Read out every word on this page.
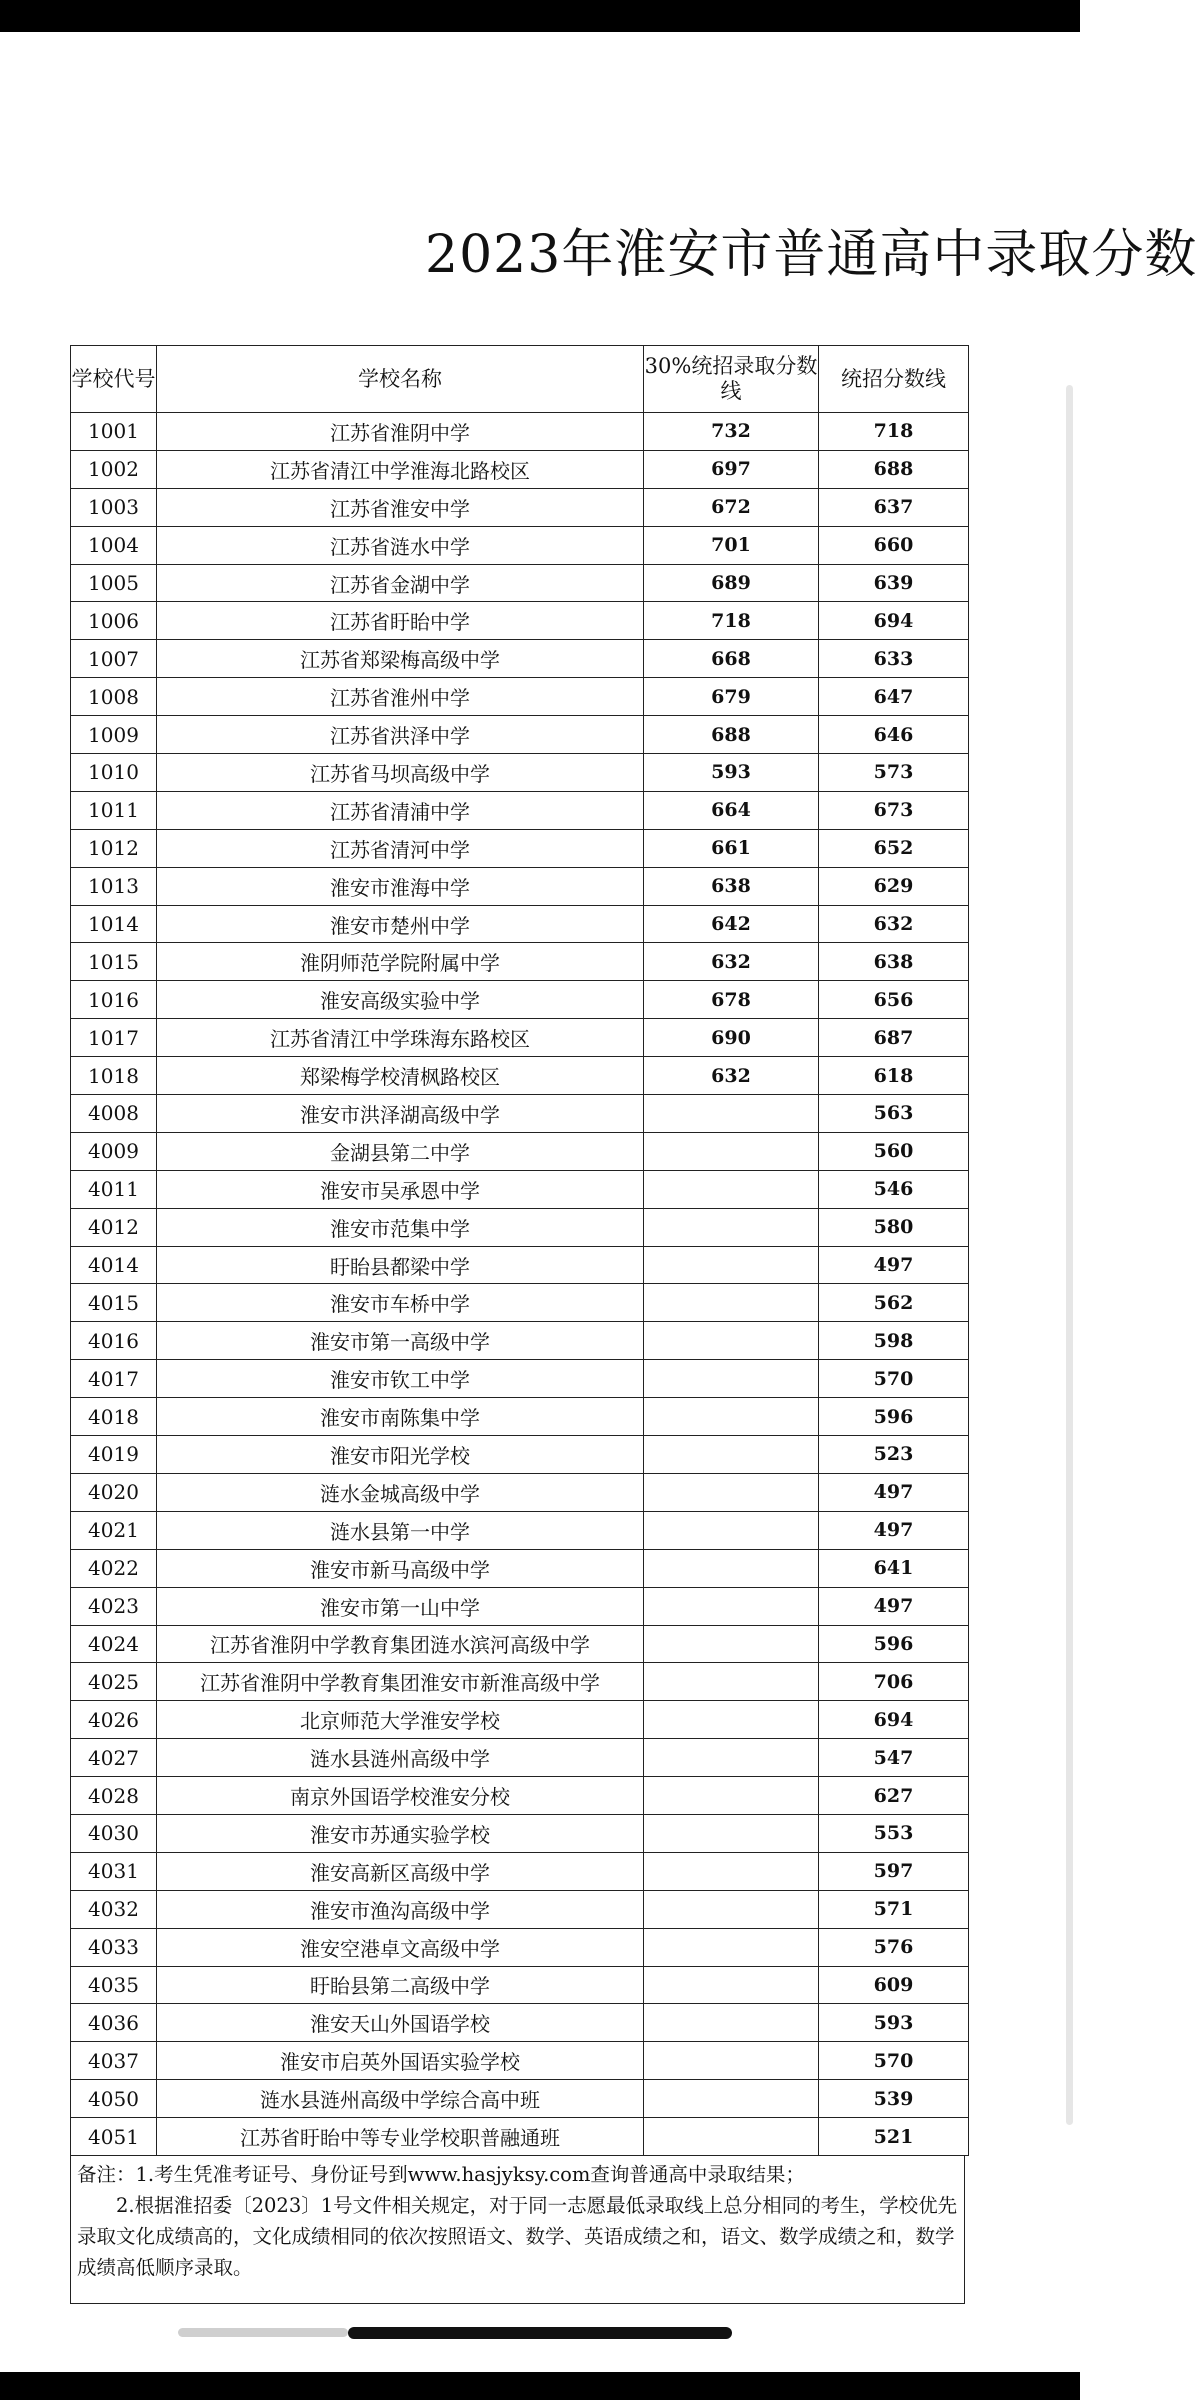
2023年淮安市普通高中录取分数
学校代号	学校名称	30%统招录取分数线	统招分数线
1001	江苏省淮阴中学	732	718
1002	江苏省清江中学淮海北路校区	697	688
1003	江苏省淮安中学	672	637
1004	江苏省涟水中学	701	660
1005	江苏省金湖中学	689	639
1006	江苏省盱眙中学	718	694
1007	江苏省郑梁梅高级中学	668	633
1008	江苏省淮州中学	679	647
1009	江苏省洪泽中学	688	646
1010	江苏省马坝高级中学	593	573
1011	江苏省清浦中学	664	673
1012	江苏省清河中学	661	652
1013	淮安市淮海中学	638	629
1014	淮安市楚州中学	642	632
1015	淮阴师范学院附属中学	632	638
1016	淮安高级实验中学	678	656
1017	江苏省清江中学珠海东路校区	690	687
1018	郑梁梅学校清枫路校区	632	618
4008	淮安市洪泽湖高级中学		563
4009	金湖县第二中学		560
4011	淮安市吴承恩中学		546
4012	淮安市范集中学		580
4014	盱眙县都梁中学		497
4015	淮安市车桥中学		562
4016	淮安市第一高级中学		598
4017	淮安市钦工中学		570
4018	淮安市南陈集中学		596
4019	淮安市阳光学校		523
4020	涟水金城高级中学		497
4021	涟水县第一中学		497
4022	淮安市新马高级中学		641
4023	淮安市第一山中学		497
4024	江苏省淮阴中学教育集团涟水滨河高级中学		596
4025	江苏省淮阴中学教育集团淮安市新淮高级中学		706
4026	北京师范大学淮安学校		694
4027	涟水县涟州高级中学		547
4028	南京外国语学校淮安分校		627
4030	淮安市苏通实验学校		553
4031	淮安高新区高级中学		597
4032	淮安市渔沟高级中学		571
4033	淮安空港卓文高级中学		576
4035	盱眙县第二高级中学		609
4036	淮安天山外国语学校		593
4037	淮安市启英外国语实验学校		570
4050	涟水县涟州高级中学综合高中班		539
4051	江苏省盱眙中等专业学校职普融通班		521

备注：1.考生凭准考证号、身份证号到www.hasjyksy.com查询普通高中录取结果；

2.根据淮招委〔2023〕1号文件相关规定，对于同一志愿最低录取线上总分相同的考生，学校优先录取文化成绩高的，文化成绩相同的依次按照语文、数学、英语成绩之和，语文、数学成绩之和，数学成绩高低顺序录取。
